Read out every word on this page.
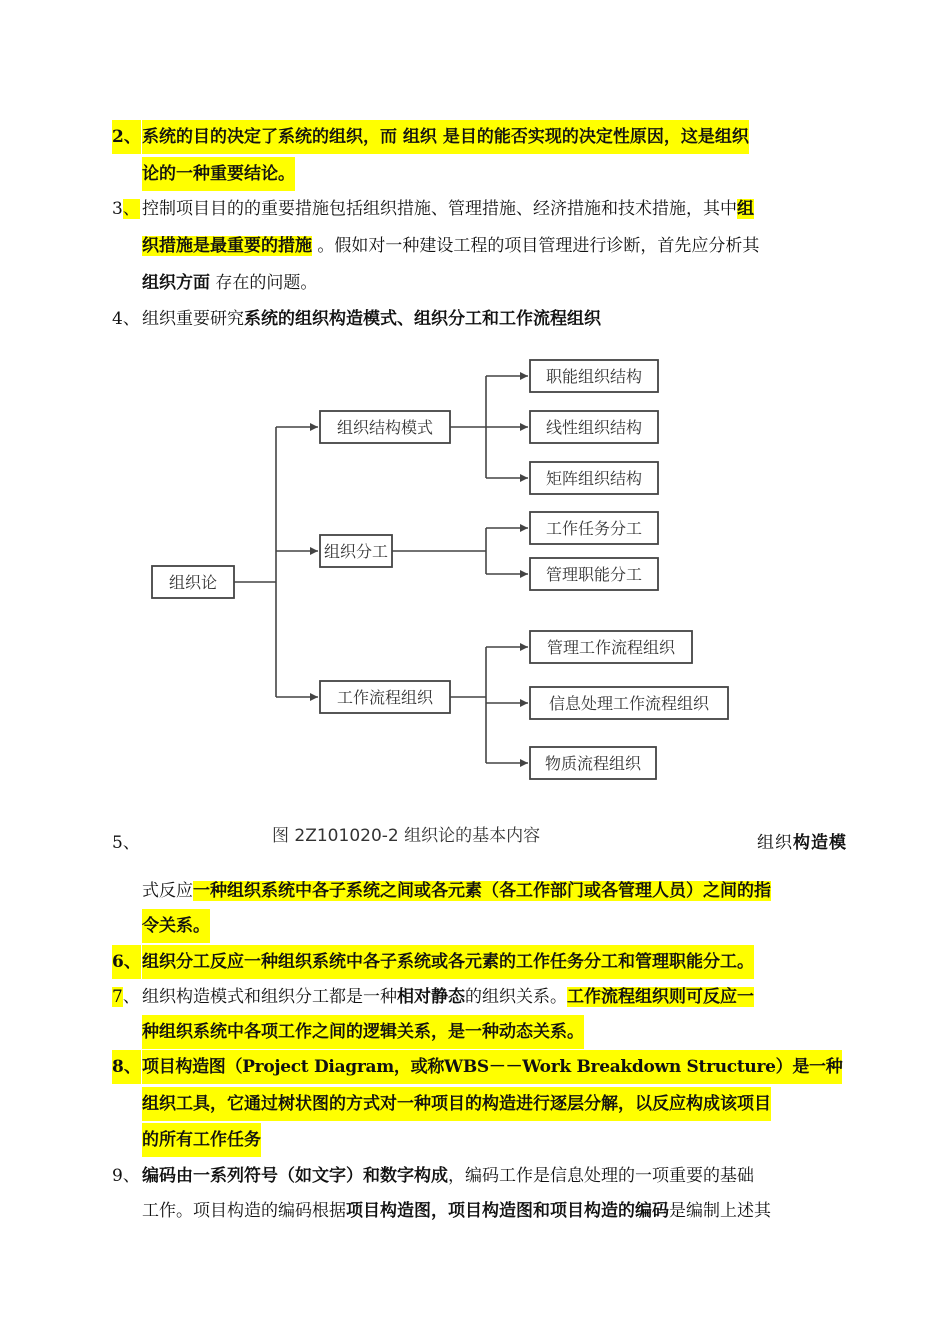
2、 系统的目的决定了系统的组织，而 组织 是目的能否实现的决定性原因，这是组织
论的一种重要结论。
3、 控制项目目的的重要措施包括组织措施、管理措施、经济措施和技术措施，其中组
织措施是最重要的措施 。假如对一种建设工程的项目管理进行诊断，首先应分析其
组织方面 存在的问题。
4、 组织重要研究系统的组织构造模式、组织分工和工作流程组织
组织论
组织结构模式
组织分工
工作流程组织
职能组织结构
线性组织结构
矩阵组织结构
工作任务分工
管理职能分工
管理工作流程组织
信息处理工作流程组织
物质流程组织
图 2Z101020-2 组织论的基本内容
5、	组织构造模
式反应一种组织系统中各子系统之间或各元素（各工作部门或各管理人员）之间的指
令关系。
6、 组织分工反应一种组织系统中各子系统或各元素的工作任务分工和管理职能分工。
7、 组织构造模式和组织分工都是一种相对静态的组织关系。工作流程组织则可反应一
种组织系统中各项工作之间的逻辑关系，是一种动态关系。
8、 项目构造图（Project Diagram，或称WBS－－Work Breakdown Structure）是一种
组织工具，它通过树状图的方式对一种项目的构造进行逐层分解，以反应构成该项目
的所有工作任务
9、 编码由一系列符号（如文字）和数字构成，编码工作是信息处理的一项重要的基础
工作。项目构造的编码根据项目构造图，项目构造图和项目构造的编码是编制上述其
